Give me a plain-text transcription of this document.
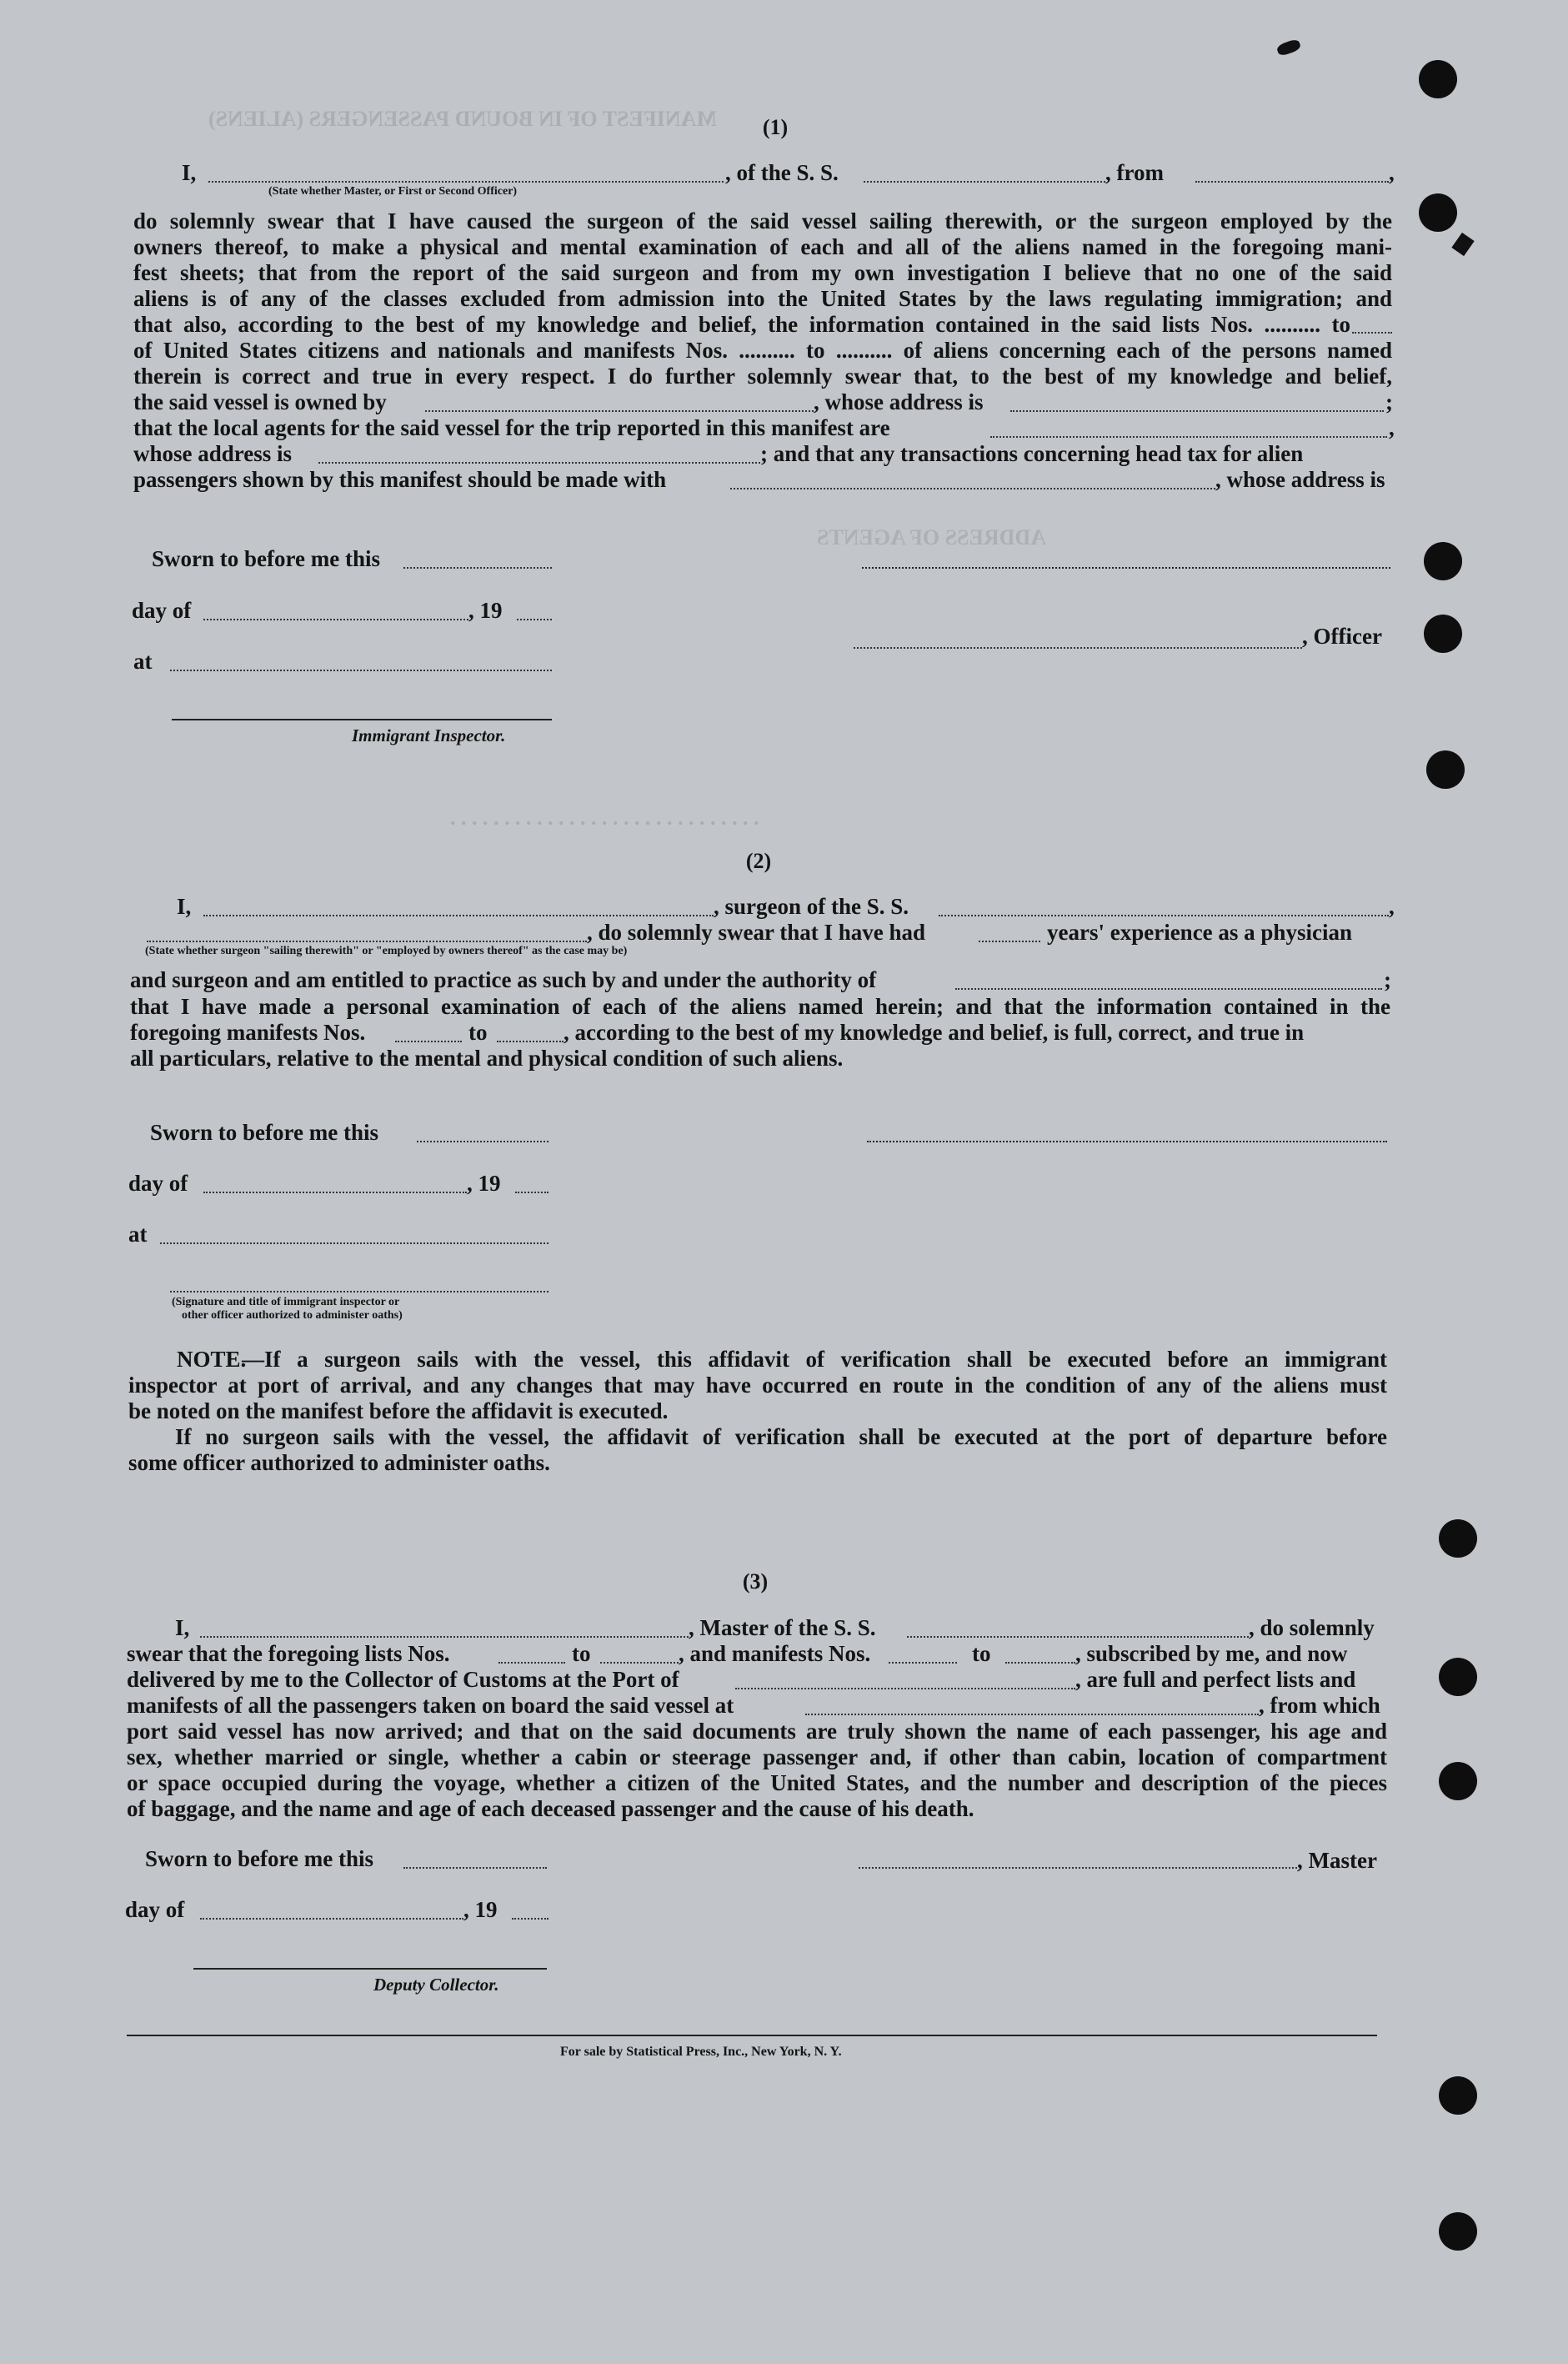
MANIFEST OF IN BOUND PASSENGERS (ALIENS)
ADDRESS OF AGENTS
(1)
I,	, of the S. S.	, from	,
(State whether Master, or First or Second Officer)
do solemnly swear that I have caused the surgeon of the said vessel sailing therewith, or the surgeon employed by the
owners thereof, to make a physical and mental examination of each and all of the aliens named in the foregoing mani-
fest sheets; that from the report of the said surgeon and from my own investigation I believe that no one of the said
aliens is of any of the classes excluded from admission into the United States by the laws regulating immigration; and
that also, according to the best of my knowledge and belief, the information contained in the said lists Nos. .......... to
of United States citizens and nationals and manifests Nos. .......... to .......... of aliens concerning each of the persons named
therein is correct and true in every respect. I do further solemnly swear that, to the best of my knowledge and belief,
the said vessel is owned by	, whose address is	;
that the local agents for the said vessel for the trip reported in this manifest are	,
whose address is	; and that any transactions concerning head tax for alien
passengers shown by this manifest should be made with	, whose address is
Sworn to before me this
day of	, 19
, Officer
at
Immigrant Inspector.
. . . . . . . . . . . . . . . . . . . . . . . . . . . . .
(2)
I,	, surgeon of the S. S.	,
, do solemnly swear that I have had	years' experience as a physician
(State whether surgeon "sailing therewith" or "employed by owners thereof" as the case may be)
and surgeon and am entitled to practice as such by and under the authority of	;
that I have made a personal examination of each of the aliens named herein; and that the information contained in the
foregoing manifests Nos.	to	, according to the best of my knowledge and belief, is full, correct, and true in
all particulars, relative to the mental and physical condition of such aliens.
Sworn to before me this
day of	, 19
at
(Signature and title of immigrant inspector or
other officer authorized to administer oaths)
NOTE.
—If a surgeon sails with the vessel, this affidavit of verification shall be executed before an immigrant
inspector at port of arrival, and any changes that may have occurred en route in the condition of any of the aliens must
be noted on the manifest before the affidavit is executed.
If no surgeon sails with the vessel, the affidavit of verification shall be executed at the port of departure before
some officer authorized to administer oaths.
(3)
I,	, Master of the S. S.	, do solemnly
swear that the foregoing lists Nos.	to	, and manifests Nos.	to	, subscribed by me, and now
delivered by me to the Collector of Customs at the Port of	, are full and perfect lists and
manifests of all the passengers taken on board the said vessel at	, from which
port said vessel has now arrived; and that on the said documents are truly shown the name of each passenger, his age and
sex, whether married or single, whether a cabin or steerage passenger and, if other than cabin, location of compartment
or space occupied during the voyage, whether a citizen of the United States, and the number and description of the pieces
of baggage, and the name and age of each deceased passenger and the cause of his death.
Sworn to before me this	, Master
day of	, 19
Deputy Collector.
For sale by Statistical Press, Inc., New York, N. Y.
